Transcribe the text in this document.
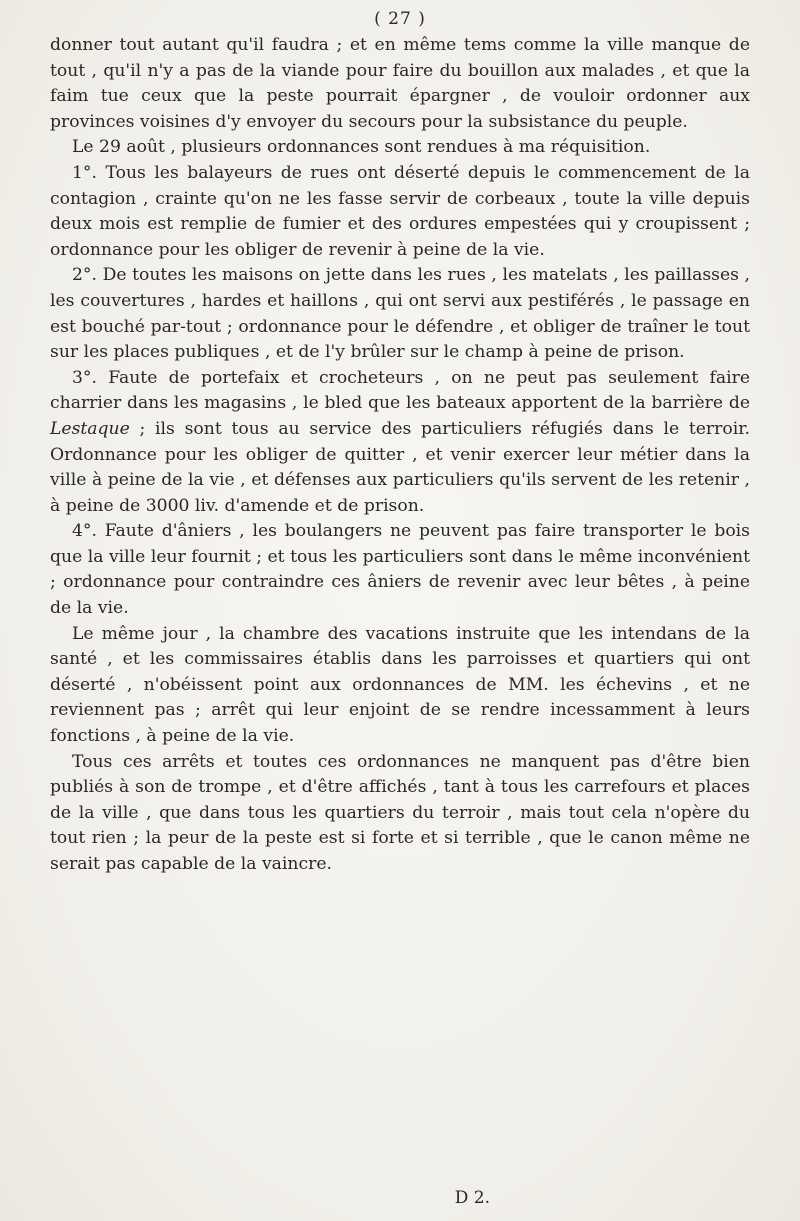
( 27 )

donner tout autant qu'il faudra ; et en même tems comme la ville manque de tout , qu'il n'y a pas de la viande pour faire du bouillon aux malades , et que la faim tue ceux que la peste pourrait épargner , de vouloir ordonner aux provinces voisines d'y envoyer du secours pour la subsistance du peuple.

Le 29 août , plusieurs ordonnances sont rendues à ma réquisition.

1°. Tous les balayeurs de rues ont déserté depuis le commencement de la contagion , crainte qu'on ne les fasse servir de corbeaux , toute la ville depuis deux mois est remplie de fumier et des ordures empestées qui y croupissent ; ordonnance pour les obliger de revenir à peine de la vie.

2°. De toutes les maisons on jette dans les rues , les matelats , les paillasses , les couvertures , hardes et haillons , qui ont servi aux pestiférés , le passage en est bouché par-tout ; ordonnance pour le défendre , et obliger de traîner le tout sur les places publiques , et de l'y brûler sur le champ à peine de prison.

3°. Faute de portefaix et crocheteurs , on ne peut pas seulement faire charrier dans les magasins , le bled que les bateaux apportent de la barrière de Lestaque ; ils sont tous au service des particuliers réfugiés dans le terroir. Ordonnance pour les obliger de quitter , et venir exercer leur métier dans la ville à peine de la vie , et défenses aux particuliers qu'ils servent de les retenir , à peine de 3000 liv. d'amende et de prison.

4°. Faute d'âniers , les boulangers ne peuvent pas faire transporter le bois que la ville leur fournit ; et tous les particuliers sont dans le même inconvénient ; ordonnance pour contraindre ces âniers de revenir avec leur bêtes , à peine de la vie.

Le même jour , la chambre des vacations instruite que les intendans de la santé , et les commissaires établis dans les parroisses et quartiers qui ont déserté , n'obéissent point aux ordonnances de MM. les échevins , et ne reviennent pas ; arrêt qui leur enjoint de se rendre incessamment à leurs fonctions , à peine de la vie.

Tous ces arrêts et toutes ces ordonnances ne manquent pas d'être bien publiés à son de trompe , et d'être affichés , tant à tous les carrefours et places de la ville , que dans tous les quartiers du terroir , mais tout cela n'opère du tout rien ; la peur de la peste est si forte et si terrible , que le canon même ne serait pas capable de la vaincre.

D 2.
